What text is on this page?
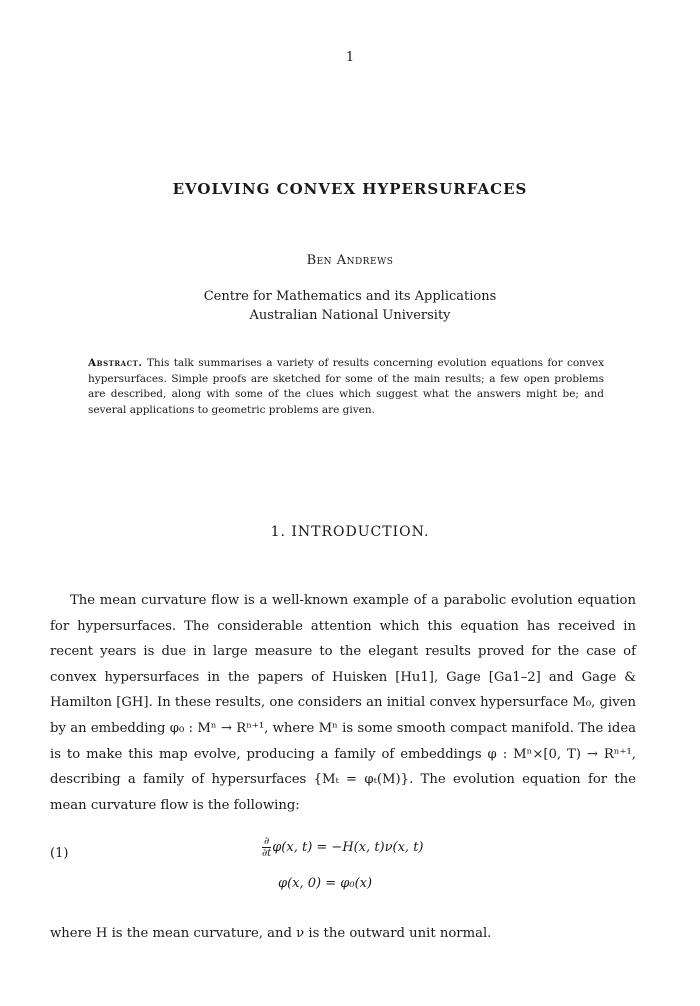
1
EVOLVING CONVEX HYPERSURFACES
Ben Andrews
Centre for Mathematics and its Applications
Australian National University
Abstract. This talk summarises a variety of results concerning evolution equations for convex hypersurfaces. Simple proofs are sketched for some of the main results; a few open problems are described, along with some of the clues which suggest what the answers might be; and several applications to geometric problems are given.
1. INTRODUCTION.
The mean curvature flow is a well-known example of a parabolic evolution equation for hypersurfaces. The considerable attention which this equation has received in recent years is due in large measure to the elegant results proved for the case of convex hypersurfaces in the papers of Huisken [Hu1], Gage [Ga1–2] and Gage & Hamilton [GH]. In these results, one considers an initial convex hypersurface M₀, given by an embedding φ₀ : Mⁿ → Rⁿ⁺¹, where Mⁿ is some smooth compact manifold. The idea is to make this map evolve, producing a family of embeddings φ : Mⁿ×[0, T) → Rⁿ⁺¹, describing a family of hypersurfaces {Mₜ = φₜ(M)}. The evolution equation for the mean curvature flow is the following:
(1)	$\frac{\partial}{\partial t} \varphi(x$, t) = −H(x, t)ν(x, t)
φ(x, 0) = φ₀(x)
where H is the mean curvature, and ν is the outward unit normal.
